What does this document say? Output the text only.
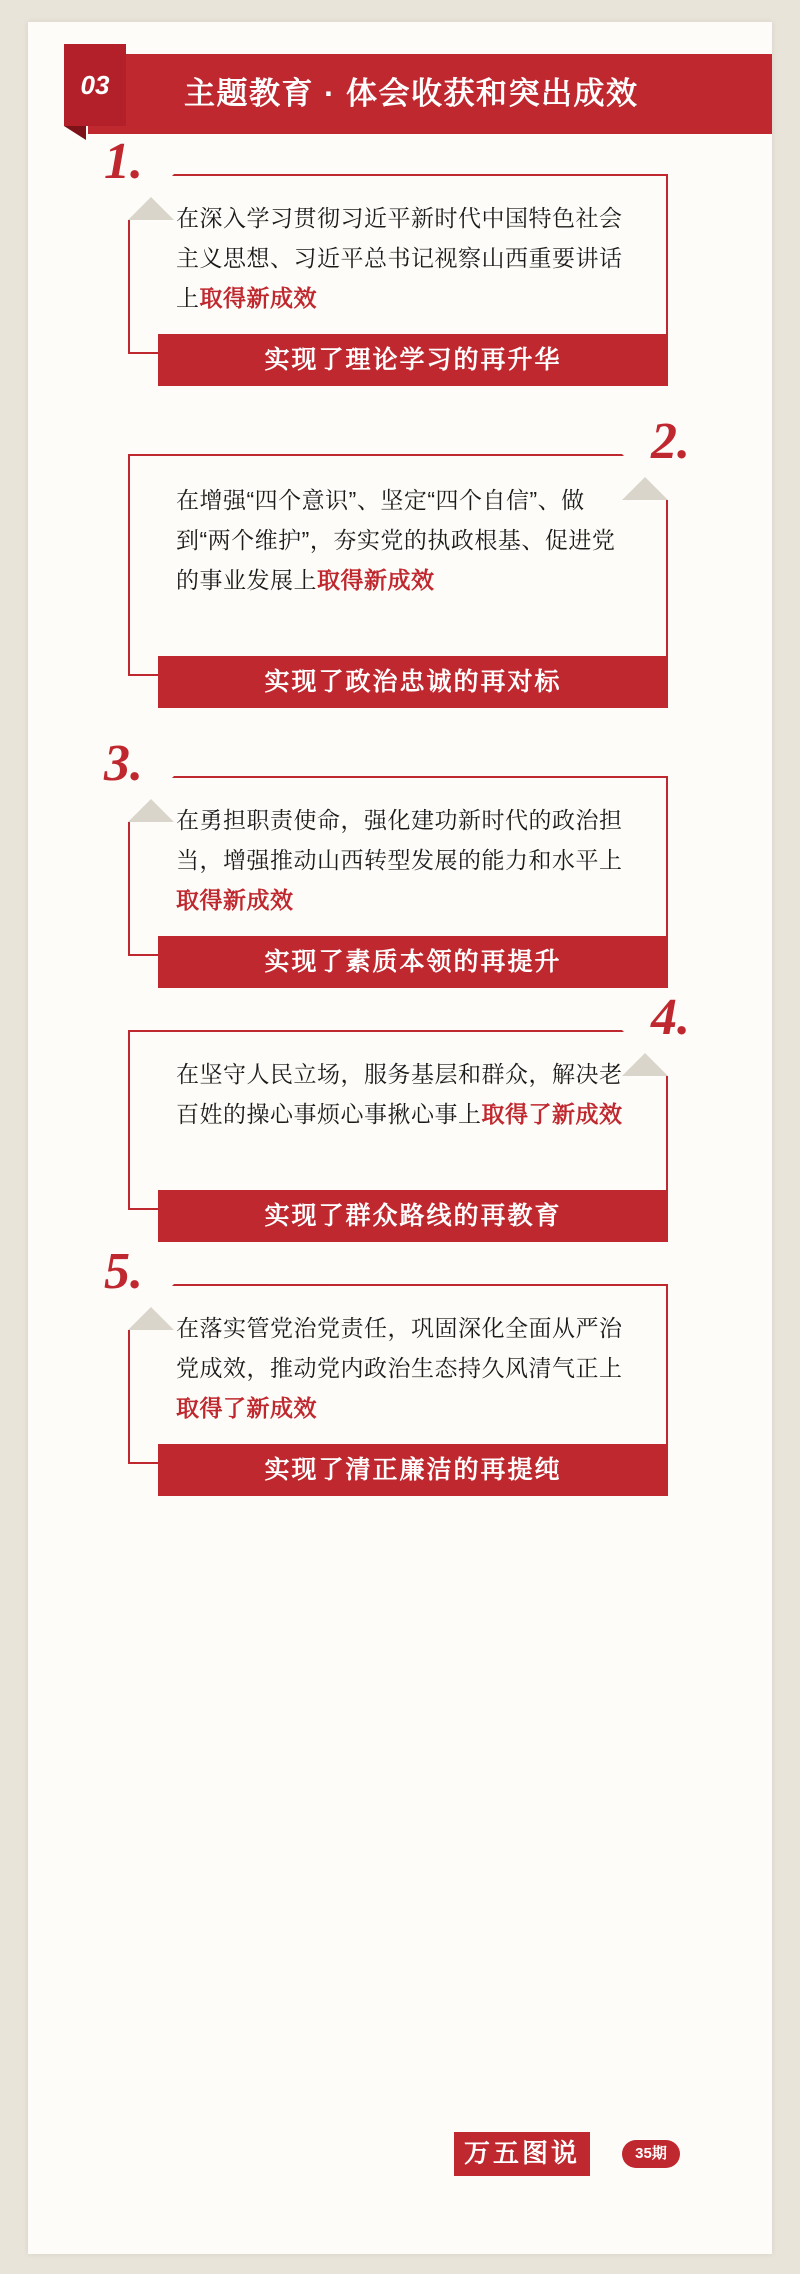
主题教育 · 体会收获和突出成效
03
1.
在深入学习贯彻习近平新时代中国特色社会主义思想、习近平总书记视察山西重要讲话上取得新成效
实现了理论学习的再升华
2.
在增强“四个意识”、坚定“四个自信”、做到“两个维护”，夯实党的执政根基、促进党的事业发展上取得新成效
实现了政治忠诚的再对标
3.
在勇担职责使命，强化建功新时代的政治担当，增强推动山西转型发展的能力和水平上取得新成效
实现了素质本领的再提升
4.
在坚守人民立场，服务基层和群众，解决老百姓的操心事烦心事揪心事上取得了新成效
实现了群众路线的再教育
5.
在落实管党治党责任，巩固深化全面从严治党成效，推动党内政治生态持久风清气正上取得了新成效
实现了清正廉洁的再提纯
万五图说	35期
